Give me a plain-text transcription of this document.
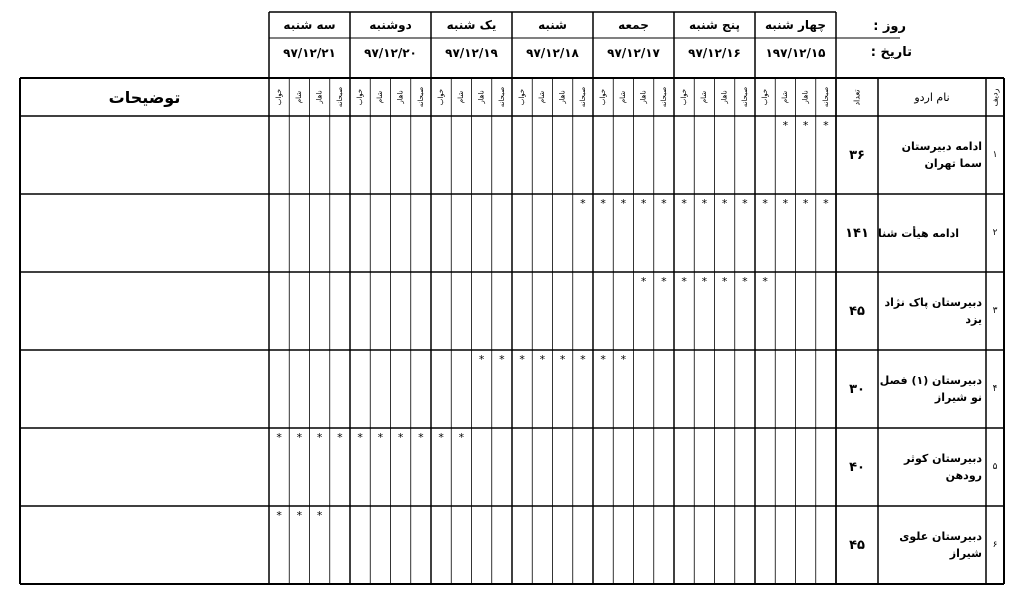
روز :
تاریخ :
چهار شنبه
۱۹۷/۱۲/۱۵
صبحانه
ناهار
شام
خواب
پنج شنبه
۹۷/۱۲/۱۶
صبحانه
ناهار
شام
خواب
جمعه
۹۷/۱۲/۱۷
صبحانه
ناهار
شام
خواب
شنبه
۹۷/۱۲/۱۸
صبحانه
ناهار
شام
خواب
یک شنبه
۹۷/۱۲/۱۹
صبحانه
ناهار
شام
خواب
دوشنبه
۹۷/۱۲/۲۰
صبحانه
ناهار
شام
خواب
سه شنبه
۹۷/۱۲/۲۱
صبحانه
ناهار
شام
خواب	ردیف
نام اردو
تعداد
توضیحات
۱
ادامه دبیرستان سما تهران
۳۶
*
*
*
۲
ادامه هیأت شنا
۱۴۱
*
*
*
*
*
*
*
*
*
*
*
*
*
۳
دبیرستان پاک نژاد یزد
۴۵
*
*
*
*
*
*
*
۴
دبیرستان (۱) فصل نو شیراز
۳۰
*
*
*
*
*
*
*
*
۵
دبیرستان کوثر رودهن
۴۰
*
*
*
*
*
*
*
*
*
*
۶
دبیرستان علوی شیراز
۴۵
*
*
*
